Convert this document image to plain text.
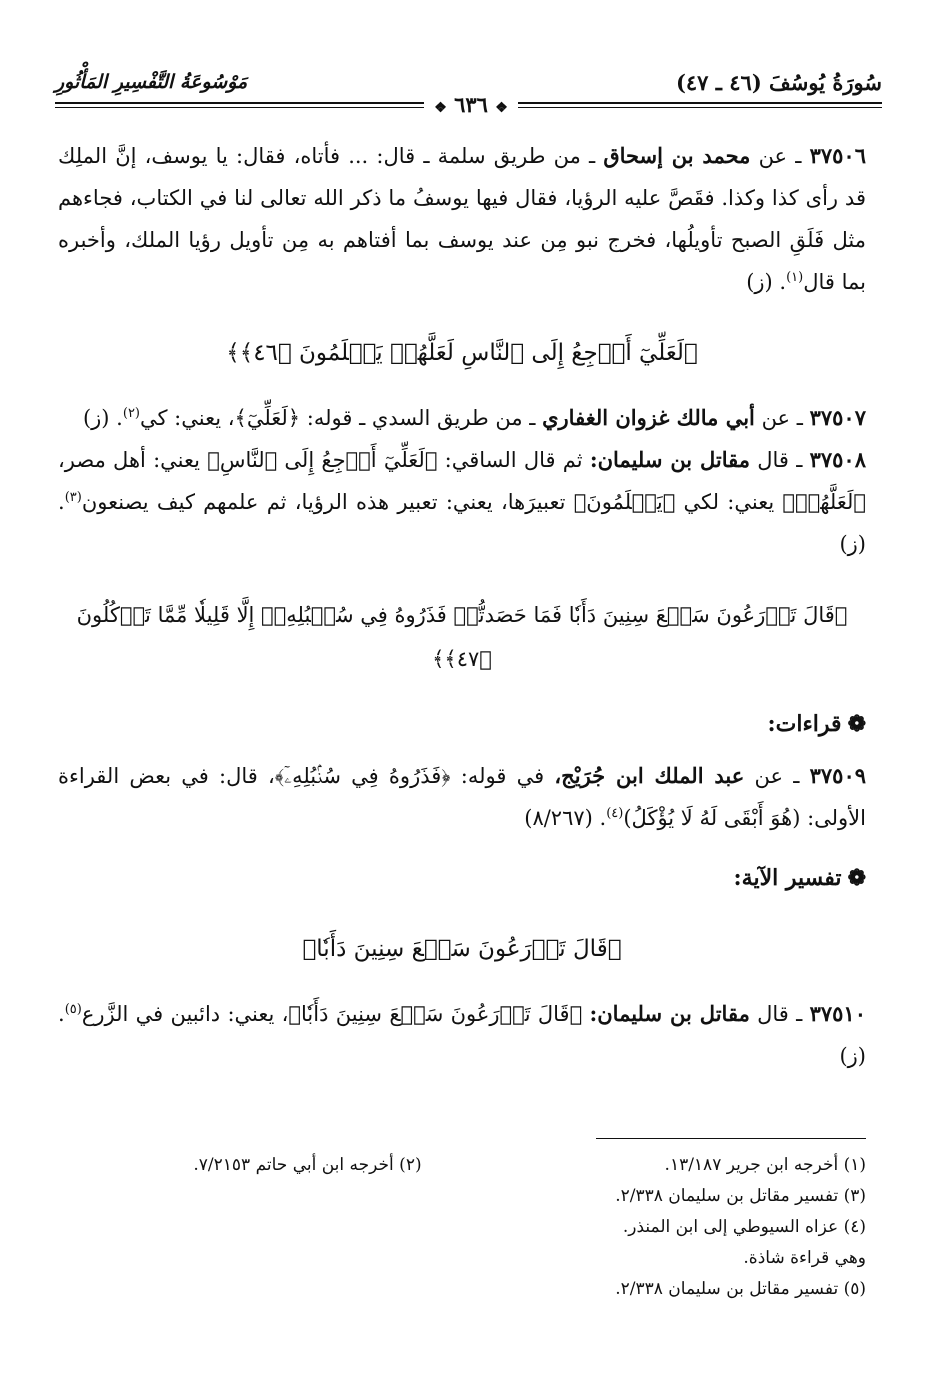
سُورَةُ يُوسُفَ (٤٦ ـ ٤٧)
مَوْسُوعَةُ التَّفْسِيرِ المَأْثُورِ
❖ ٦٣٦ ❖

٣٧٥٠٦ ـ عن محمد بن إسحاق ـ من طريق سلمة ـ قال: ... فأتاه، فقال: يا يوسف، إنَّ الملِك قد رأى كذا وكذا. فقَصَّ عليه الرؤيا، فقال فيها يوسفُ ما ذكر الله تعالى لنا في الكتاب، فجاءهم مثل فَلَقِ الصبح تأويلُها، فخرج نبو مِن عند يوسف بما أفتاهم به مِن تأويل رؤيا الملك، وأخبره بما قال$^{(١)}$. (ز)

﴿لَعَلِّيٓ أَرۡجِعُ إِلَى ٱلنَّاسِ لَعَلَّهُمۡ يَعۡلَمُونَ ﴿٤٦﴾﴾

٣٧٥٠٧ ـ عن أبي مالك غزوان الغفاري ـ من طريق السدي ـ قوله: ﴿لَعَلِّيٓ﴾، يعني: كي$^{(٢)}$. (ز)

٣٧٥٠٨ ـ قال مقاتل بن سليمان: ثم قال الساقي: ﴿لَعَلِّيٓ أَرۡجِعُ إِلَى ٱلنَّاسِ﴾ يعني: أهل مصر، ﴿لَعَلَّهُمۡ﴾ يعني: لكي ﴿يَعۡلَمُونَ﴾ تعبيرَها، يعني: تعبير هذه الرؤيا، ثم علمهم كيف يصنعون$^{(٣)}$. (ز)

﴿قَالَ تَزۡرَعُونَ سَبۡعَ سِنِينَ دَأَبٗا فَمَا حَصَدتُّمۡ فَذَرُوهُ فِي سُنۢبُلِهِۦٓ إِلَّا قَلِيلٗا مِّمَّا تَأۡكُلُونَ ﴿٤٧﴾﴾
❁قراءات:

٣٧٥٠٩ ـ عن عبد الملك ابن جُرَيْج، في قوله: ﴿فَذَرُوهُ فِي سُنۢبُلِهِۦٓ﴾، قال: في بعض القراءة الأولى: (هُوَ أَبْقَى لَهُ لَا يُؤْكَلُ)$^{(٤)}$. (٨/٢٦٧)

❁تفسير الآية:
﴿قَالَ تَزۡرَعُونَ سَبۡعَ سِنِينَ دَأَبٗا﴾

٣٧٥١٠ ـ قال مقاتل بن سليمان: ﴿قَالَ تَزۡرَعُونَ سَبۡعَ سِنِينَ دَأَبٗا﴾، يعني: دائبين في الزَّرع$^{(٥)}$. (ز)

(١) أخرجه ابن جرير ١٣/١٨٧.
(٢) أخرجه ابن أبي حاتم ٧/٢١٥٣.
(٣) تفسير مقاتل بن سليمان ٢/٣٣٨.
(٤) عزاه السيوطي إلى ابن المنذر.
وهي قراءة شاذة.
(٥) تفسير مقاتل بن سليمان ٢/٣٣٨.
